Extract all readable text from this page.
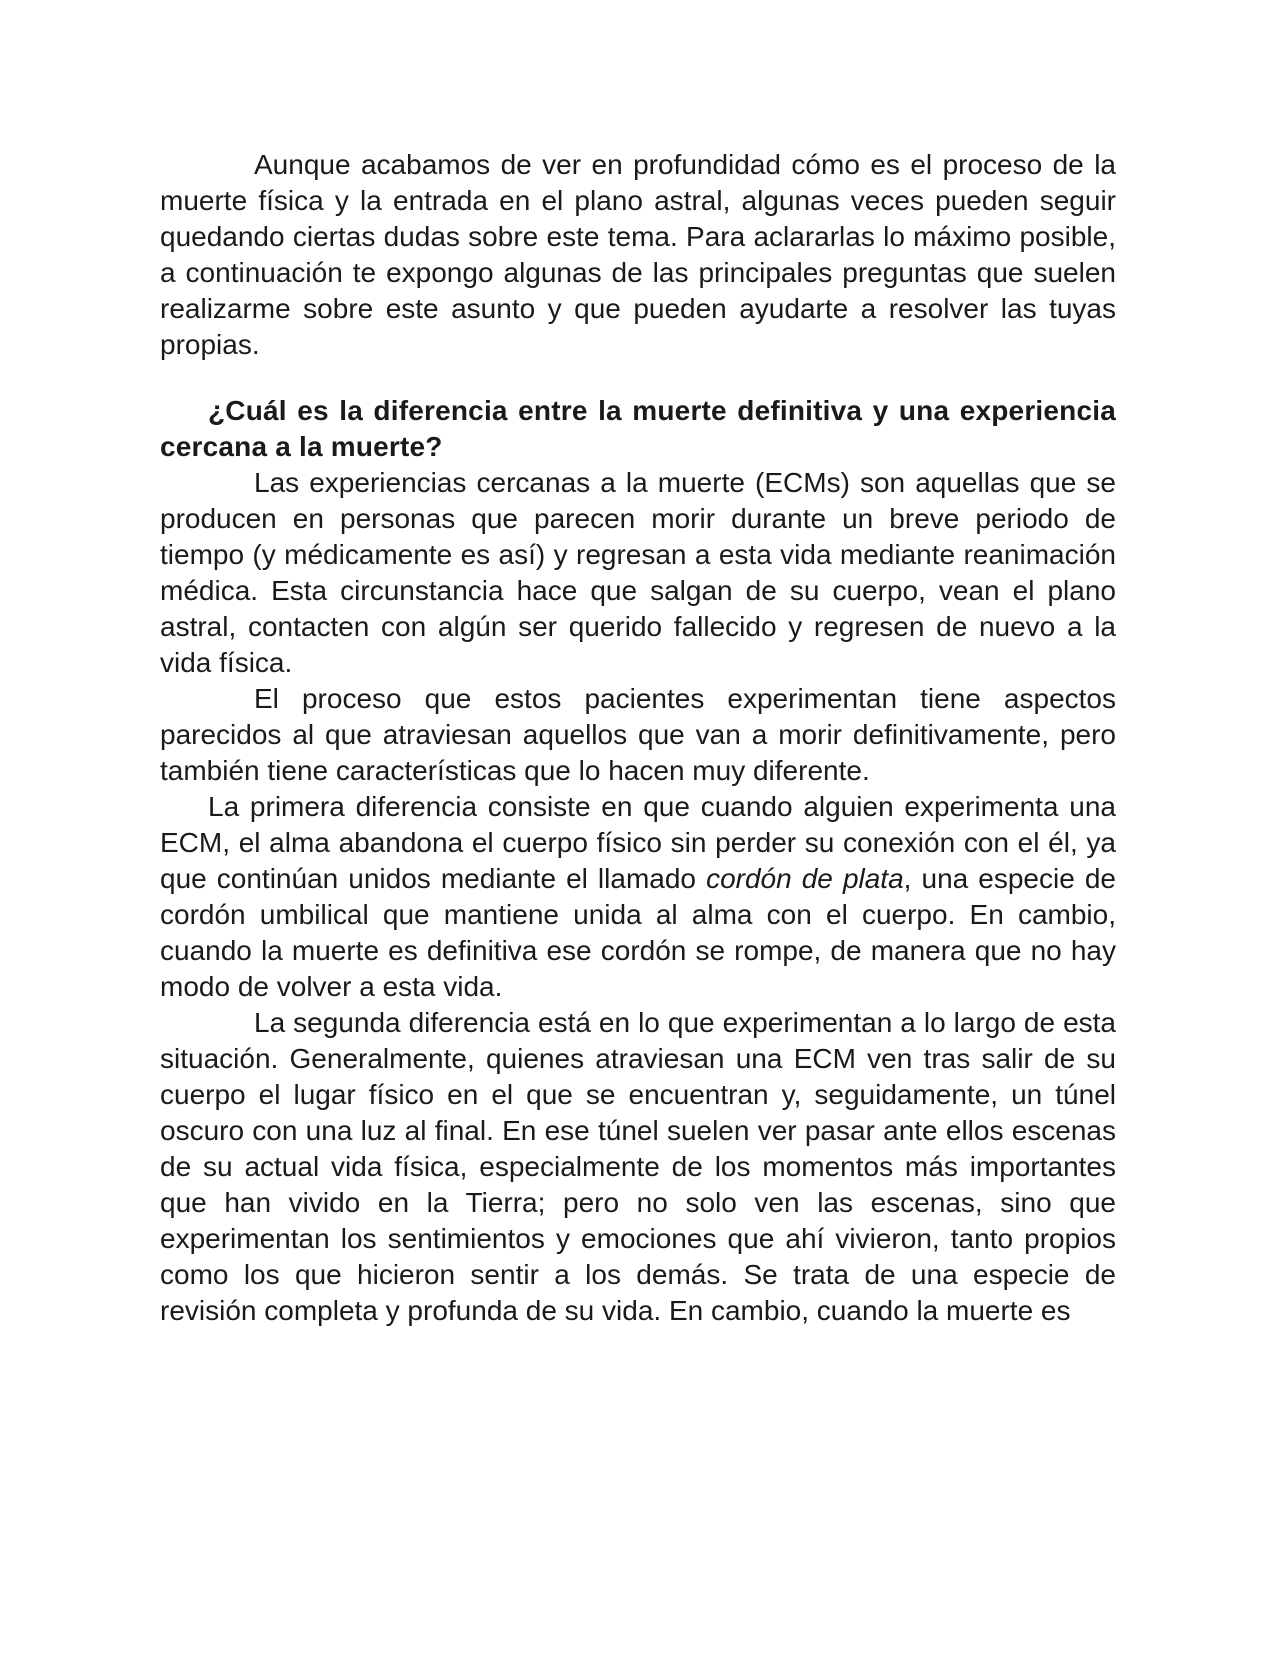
Aunque acabamos de ver en profundidad cómo es el proceso de la muerte física y la entrada en el plano astral, algunas veces pueden seguir quedando ciertas dudas sobre este tema. Para aclararlas lo máximo posible, a continuación te expongo algunas de las principales preguntas que suelen realizarme sobre este asunto y que pueden ayudarte a resolver las tuyas propias.

¿Cuál es la diferencia entre la muerte definitiva y una experiencia cercana a la muerte?

Las experiencias cercanas a la muerte (ECMs) son aquellas que se producen en personas que parecen morir durante un breve periodo de tiempo (y médicamente es así) y regresan a esta vida mediante reanimación médica. Esta circunstancia hace que salgan de su cuerpo, vean el plano astral, contacten con algún ser querido fallecido y regresen de nuevo a la vida física.

El proceso que estos pacientes experimentan tiene aspectos parecidos al que atraviesan aquellos que van a morir definitivamente, pero también tiene características que lo hacen muy diferente.

La primera diferencia consiste en que cuando alguien experimenta una ECM, el alma abandona el cuerpo físico sin perder su conexión con el él, ya que continúan unidos mediante el llamado cordón de plata, una especie de cordón umbilical que mantiene unida al alma con el cuerpo. En cambio, cuando la muerte es definitiva ese cordón se rompe, de manera que no hay modo de volver a esta vida.

La segunda diferencia está en lo que experimentan a lo largo de esta situación. Generalmente, quienes atraviesan una ECM ven tras salir de su cuerpo el lugar físico en el que se encuentran y, seguidamente, un túnel oscuro con una luz al final. En ese túnel suelen ver pasar ante ellos escenas de su actual vida física, especialmente de los momentos más importantes que han vivido en la Tierra; pero no solo ven las escenas, sino que experimentan los sentimientos y emociones que ahí vivieron, tanto propios como los que hicieron sentir a los demás. Se trata de una especie de revisión completa y profunda de su vida. En cambio, cuando la muerte es
